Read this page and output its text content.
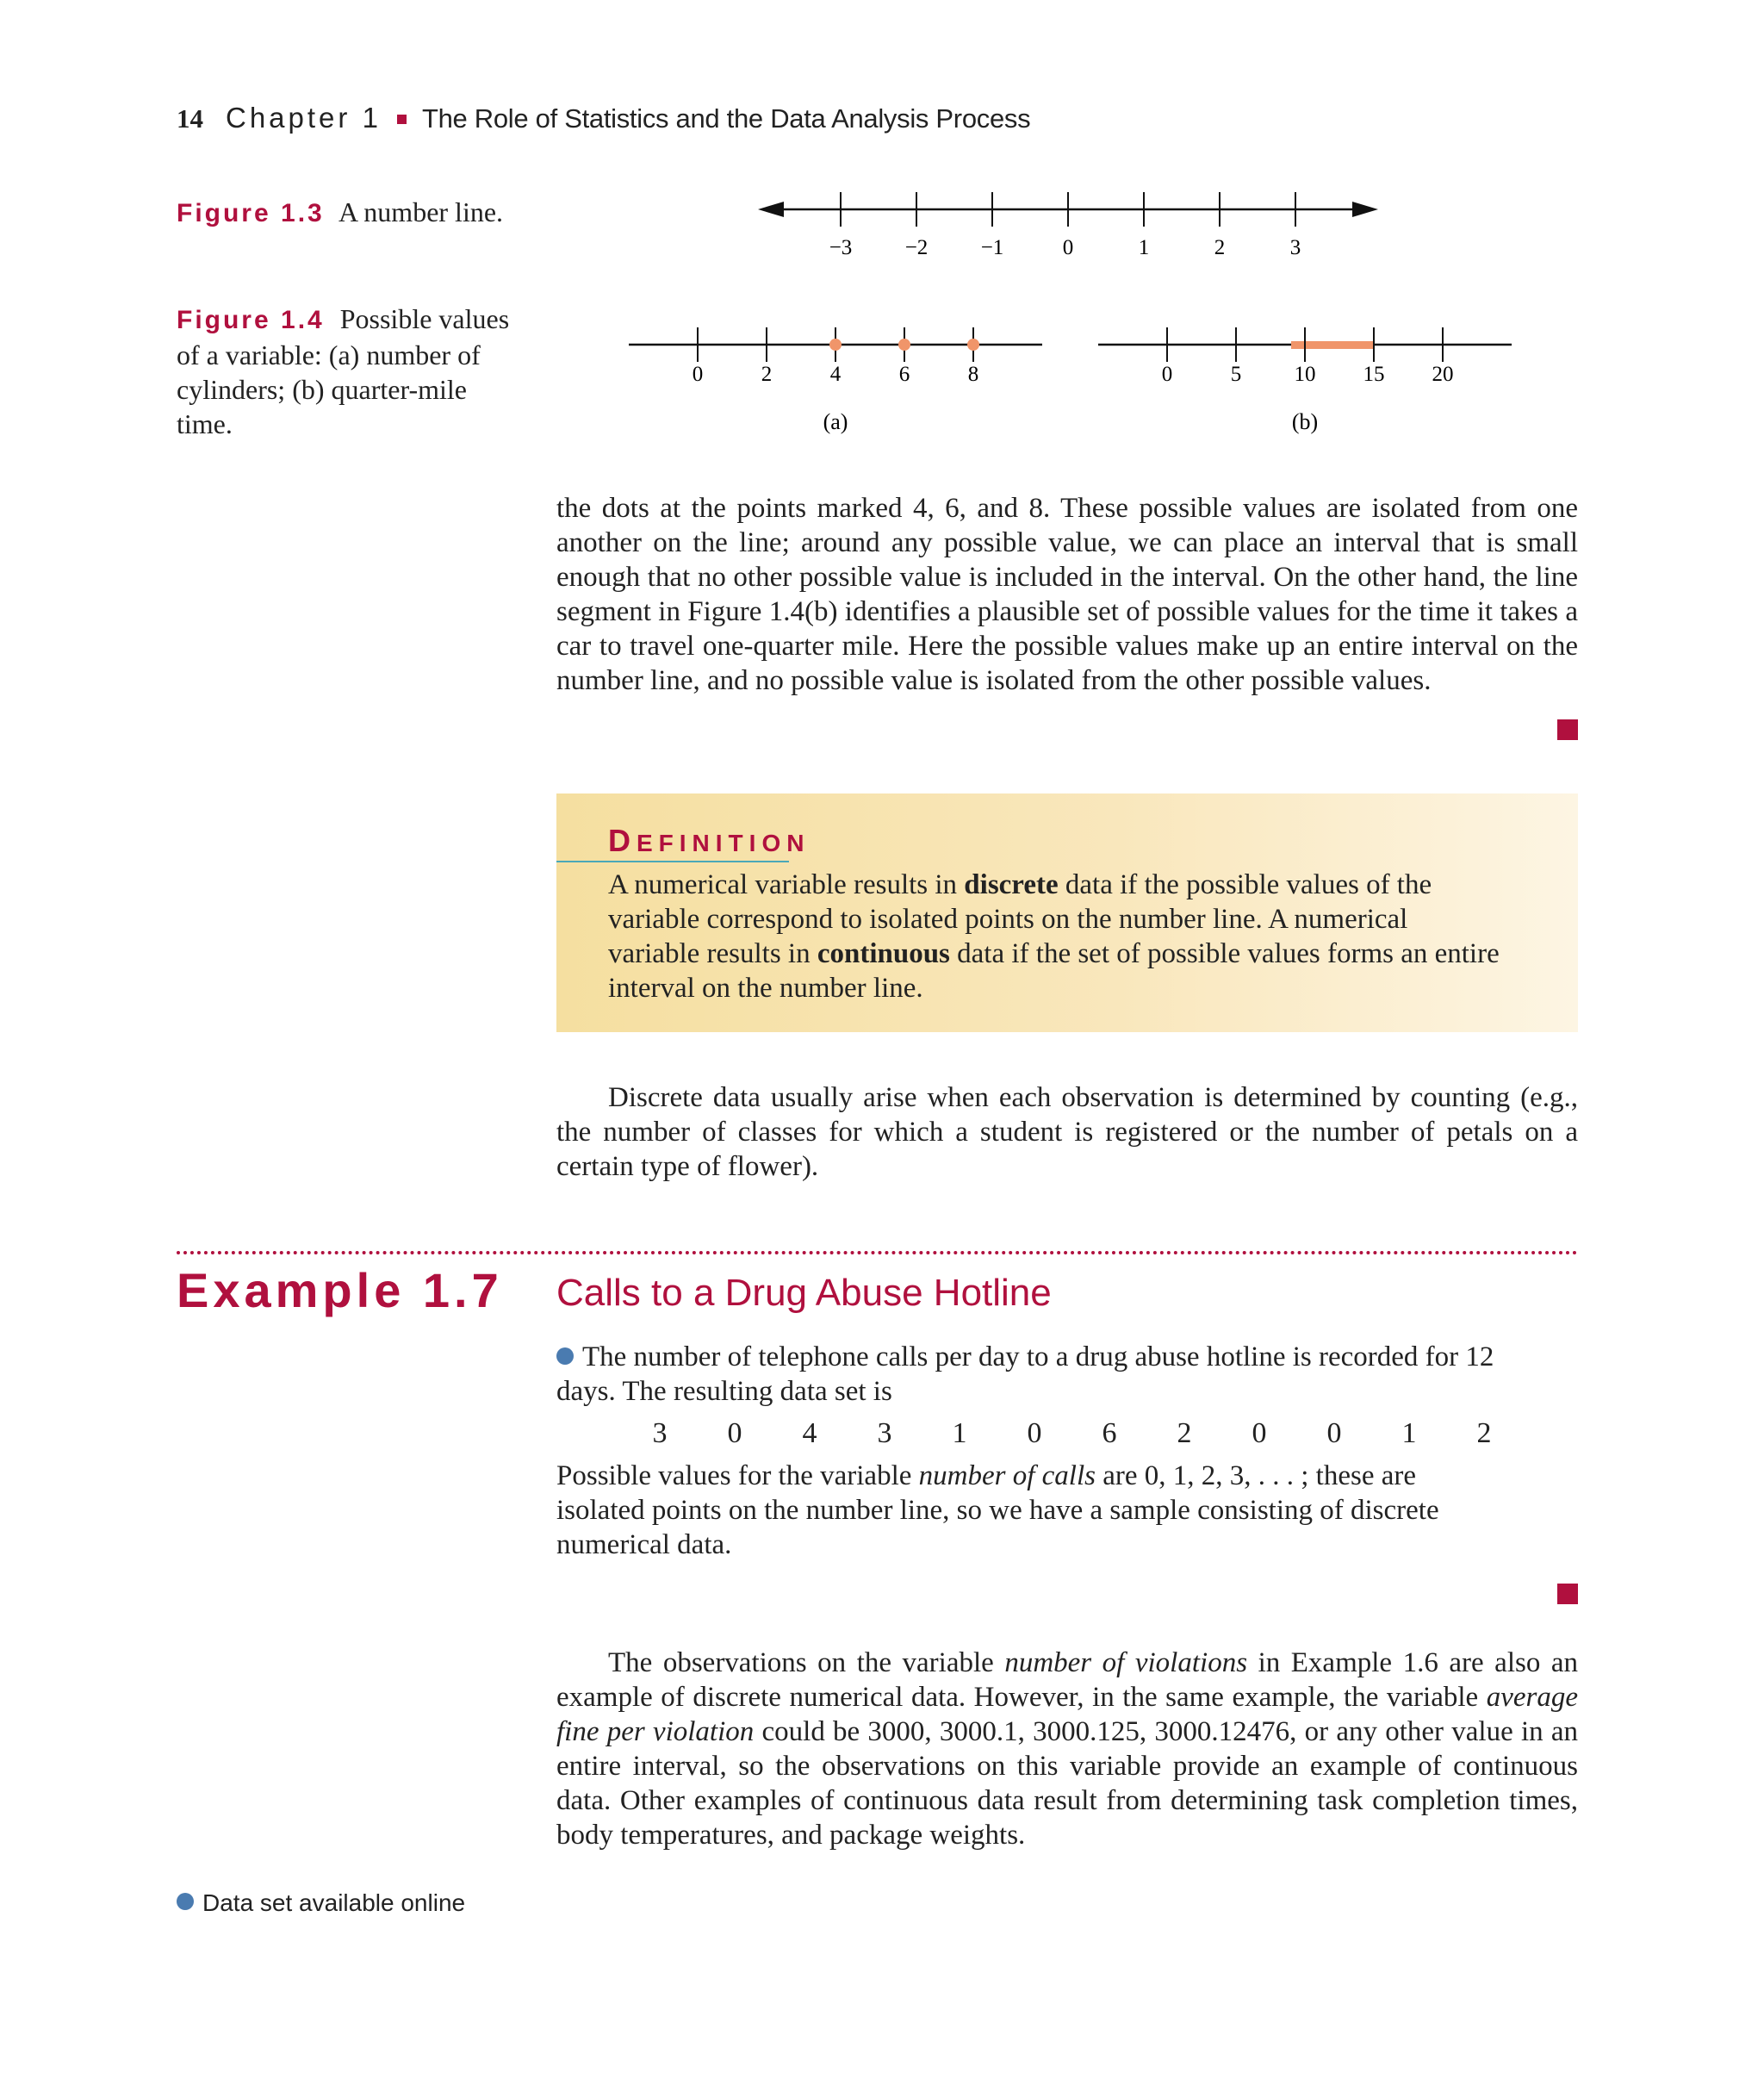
14 Chapter 1 The Role of Statistics and the Data Analysis Process
Figure 1.3 A number line.
−3 −2 −1	0	1	2	3
Figure 1.4 Possible values of a variable: (a) number of cylinders; (b) quarter-mile time.
0	2	4	6	8
(a)
0	5 10 15 20
(b)
the dots at the points marked 4, 6, and 8. These possible values are isolated from one another on the line; around any possible value, we can place an interval that is small enough that no other possible value is included in the interval. On the other hand, the line segment in Figure 1.4(b) identifies a plausible set of possible values for the time it takes a car to travel one-quarter mile. Here the possible values make up an entire interval on the number line, and no possible value is isolated from the other possible values.
DEFINITION
A numerical variable results in discrete data if the possible values of the variable correspond to isolated points on the number line. A numerical variable results in continuous data if the set of possible values forms an entire interval on the number line.
Discrete data usually arise when each observation is determined by counting (e.g., the number of classes for which a student is registered or the number of petals on a certain type of flower).
Example 1.7 Calls to a Drug Abuse Hotline
The number of telephone calls per day to a drug abuse hotline is recorded for 12 days. The resulting data set is
3 0 4 3 1 0 6 2 0 0 1 2
Possible values for the variable number of calls are 0, 1, 2, 3, . . . ; these are isolated points on the number line, so we have a sample consisting of discrete numerical data.
The observations on the variable number of violations in Example 1.6 are also an example of discrete numerical data. However, in the same example, the variable average fine per violation could be 3000, 3000.1, 3000.125, 3000.12476, or any other value in an entire interval, so the observations on this variable provide an example of continuous data. Other examples of continuous data result from determining task completion times, body temperatures, and package weights.
Data set available online
